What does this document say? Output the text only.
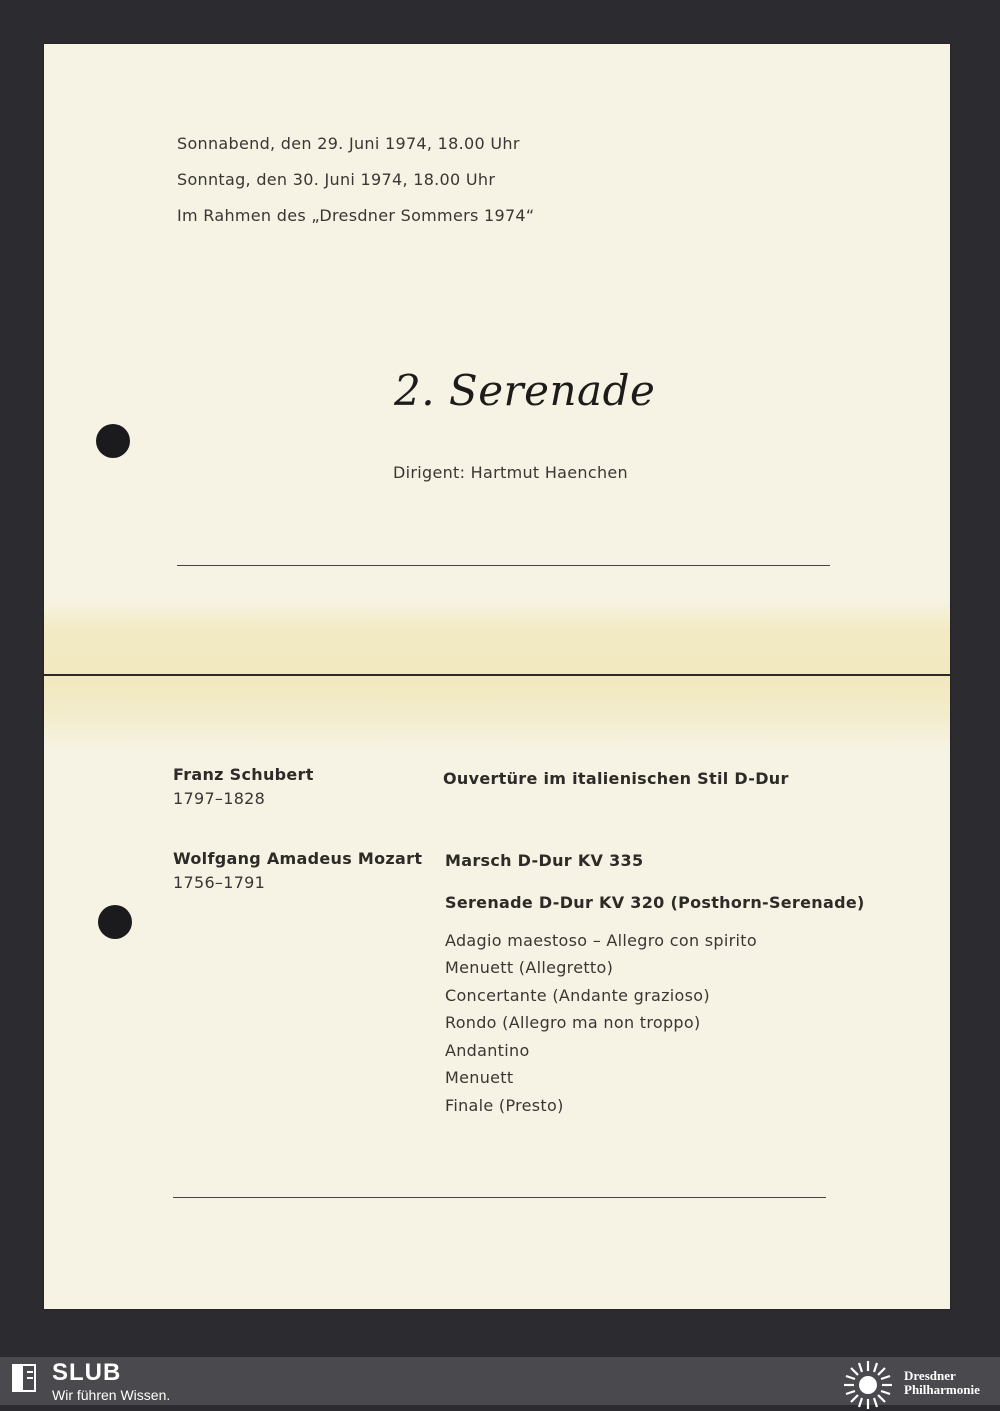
Sonnabend, den 29. Juni 1974, 18.00 Uhr
Sonntag, den 30. Juni 1974, 18.00 Uhr
Im Rahmen des „Dresdner Sommers 1974“
2. Serenade
Dirigent: Hartmut Haenchen
Franz Schubert
1797–1828
Ouvertüre im italienischen Stil D-Dur
Wolfgang Amadeus Mozart
1756–1791
Marsch D-Dur KV 335
Serenade D-Dur KV 320 (Posthorn-Serenade)
Adagio maestoso – Allegro con spirito
Menuett (Allegretto)
Concertante (Andante grazioso)
Rondo (Allegro ma non troppo)
Andantino
Menuett
Finale (Presto)
SLUB
Wir führen Wissen.
Dresdner
Philharmonie
